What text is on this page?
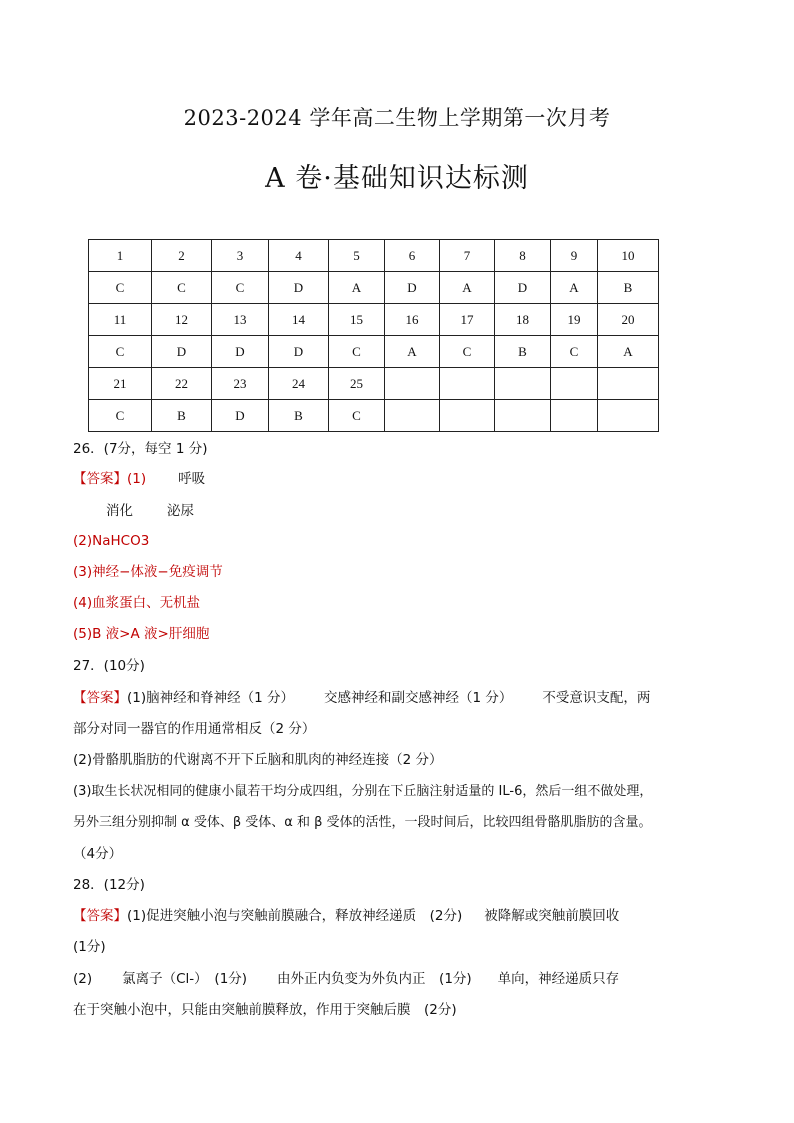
2023-2024 学年高二生物上学期第一次月考
A 卷·基础知识达标测
1	2	3	4	5	6	7	8	9	10
C	C	C	D	A	D	A	D	A	B
11	12	13	14	15	16	17	18	19	20
C	D	D	D	C	A	C	B	C	A
21	22	23	24	25					
C	B	D	B	C					
26．(7分，每空 1 分)
【答案】(1) 呼吸
消化	泌尿
(2)NaHCO3
(3)神经−体液−免疫调节
(4)血浆蛋白、无机盐
(5)B 液>A 液>肝细胞
27．(10分)
【答案】(1)脑神经和脊神经（1 分） 交感神经和副交感神经（1 分） 不受意识支配，两
部分对同一器官的作用通常相反（2 分）
(2)骨骼肌脂肪的代谢离不开下丘脑和肌肉的神经连接（2 分）
(3)取生长状况相同的健康小鼠若干均分成四组，分别在下丘脑注射适量的 IL-6，然后一组不做处理，
另外三组分别抑制 α 受体、β 受体、α 和 β 受体的活性，一段时间后，比较四组骨骼肌脂肪的含量。
（4分）
28．(12分)
【答案】(1)促进突触小泡与突触前膜融合，释放神经递质　(2分) 被降解或突触前膜回收
(1分)
(2) 氯离子（Cl-）　(1分) 由外正内负变为外负内正　(1分) 单向，神经递质只存
在于突触小泡中，只能由突触前膜释放，作用于突触后膜　(2分)
